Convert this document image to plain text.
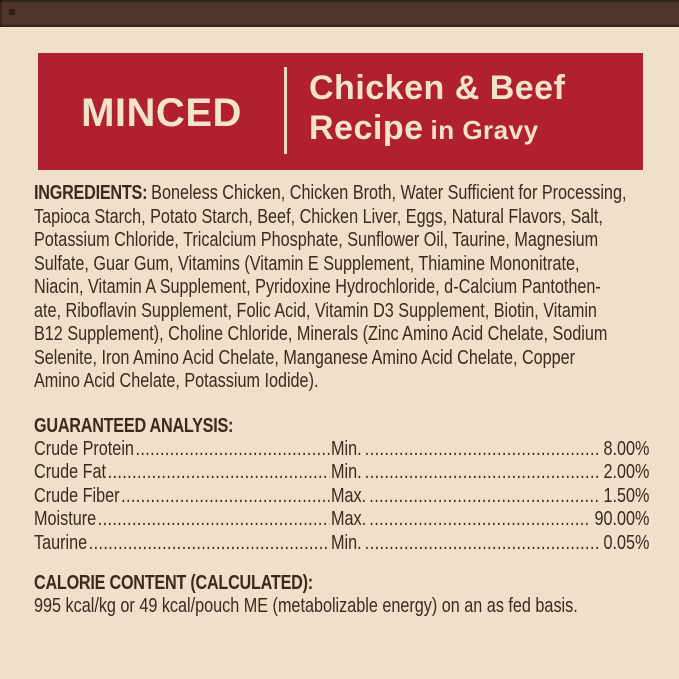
MINCED
Chicken & Beef
Recipe in Gravy
INGREDIENTS: Boneless Chicken, Chicken Broth, Water Sufficient for Processing,
Tapioca Starch, Potato Starch, Beef, Chicken Liver, Eggs, Natural Flavors, Salt,
Potassium Chloride, Tricalcium Phosphate, Sunflower Oil, Taurine, Magnesium
Sulfate, Guar Gum, Vitamins (Vitamin E Supplement, Thiamine Mononitrate,
Niacin, Vitamin A Supplement, Pyridoxine Hydrochloride, d-Calcium Pantothen-
ate, Riboflavin Supplement, Folic Acid, Vitamin D3 Supplement, Biotin, Vitamin
B12 Supplement), Choline Chloride, Minerals (Zinc Amino Acid Chelate, Sodium
Selenite, Iron Amino Acid Chelate, Manganese Amino Acid Chelate, Copper
Amino Acid Chelate, Potassium Iodide).
GUARANTEED ANALYSIS:
Crude Protein .....	Min. .....	8.00%
Crude Fat .....	Min. .....	2.00%
Crude Fiber .....	Max. .....	1.50%
Moisture .....	Max. .....	90.00%
Taurine .....	Min. .....	0.05%
CALORIE CONTENT (CALCULATED):
995 kcal/kg or 49 kcal/pouch ME (metabolizable energy) on an as fed basis.
